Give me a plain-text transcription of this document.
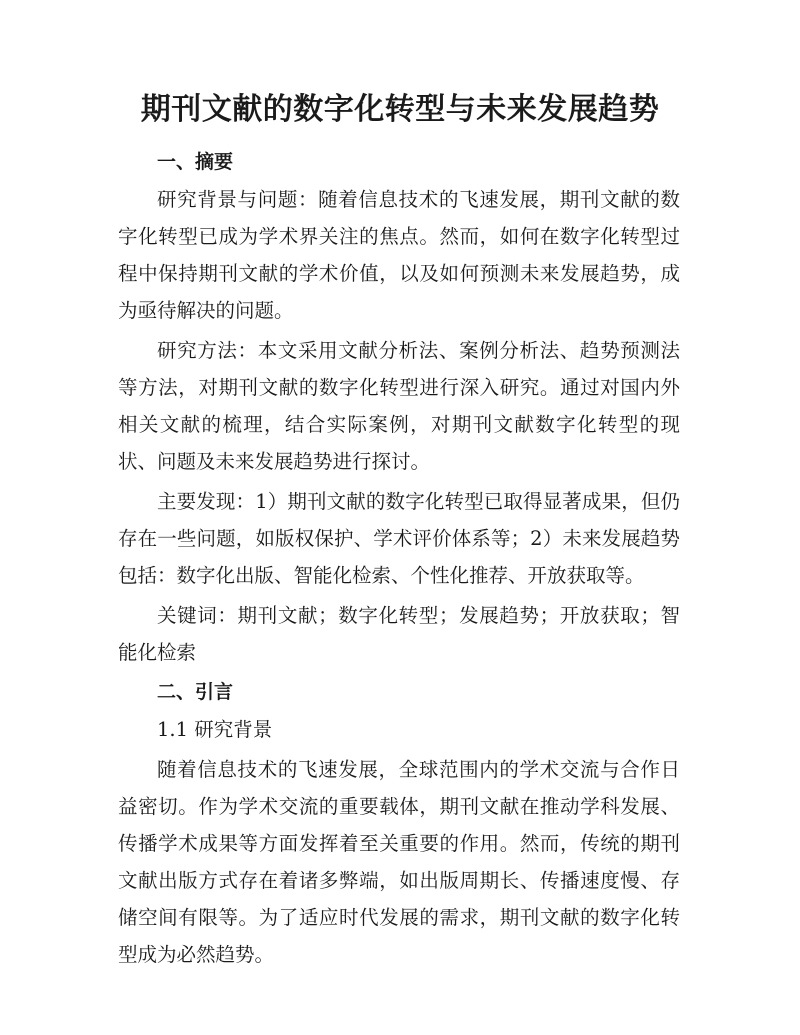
期刊文献的数字化转型与未来发展趋势
一、摘要

研究背景与问题：随着信息技术的飞速发展，期刊文献的数字化转型已成为学术界关注的焦点。然而，如何在数字化转型过程中保持期刊文献的学术价值，以及如何预测未来发展趋势，成为亟待解决的问题。

研究方法：本文采用文献分析法、案例分析法、趋势预测法等方法，对期刊文献的数字化转型进行深入研究。通过对国内外相关文献的梳理，结合实际案例，对期刊文献数字化转型的现状、问题及未来发展趋势进行探讨。

主要发现：1）期刊文献的数字化转型已取得显著成果，但仍存在一些问题，如版权保护、学术评价体系等；2）未来发展趋势包括：数字化出版、智能化检索、个性化推荐、开放获取等。

关键词：期刊文献；数字化转型；发展趋势；开放获取；智能化检索

二、引言
1.1 研究背景

随着信息技术的飞速发展，全球范围内的学术交流与合作日益密切。作为学术交流的重要载体，期刊文献在推动学科发展、传播学术成果等方面发挥着至关重要的作用。然而，传统的期刊文献出版方式存在着诸多弊端，如出版周期长、传播速度慢、存储空间有限等。为了适应时代发展的需求，期刊文献的数字化转型成为必然趋势。
